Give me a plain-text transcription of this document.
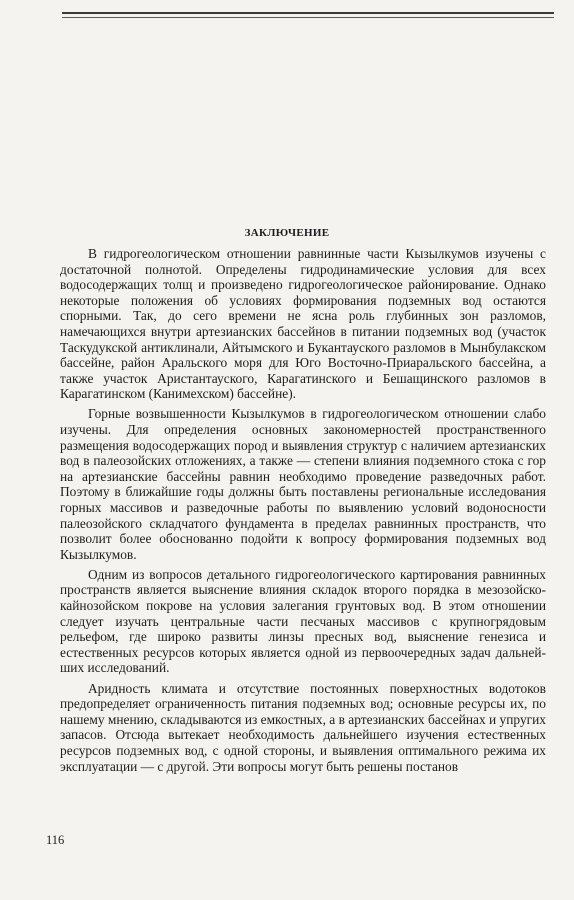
ЗАКЛЮЧЕНИЕ

В гидрогеологическом отношении равнинные части Кызылкумов изучены с достаточной полнотой. Определены гидродинамические условия для всех водосодержащих толщ и произведено гидрогеологическое районирование. Однако некоторые положения об условиях формирования подземных вод остаются спорными. Так, до сего времени не ясна роль глубинных зон разломов, намечающихся внутри артезианских бассейнов в питании подземных вод (участок Таскудукской антиклинали, Айтымского и Букантауского разломов в Мынбулакском бассейне, район Аральского моря для Юго Восточно-Приаральского бассейна, а также участок Аристантауского, Карагатинского и Бешащинского разломов в Карагатинском (Канимехском) бассейне).

Горные возвышенности Кызылкумов в гидрогеологическом отношении слабо изучены. Для определения основных закономерностей пространственного размещения водосодержащих пород и выявления структур с наличием артезианских вод в палеозойских отложениях, а также — степени влияния подземного стока с гор на артезианские бассейны равнин необходимо проведение разведочных работ. Поэтому в ближайшие годы должны быть поставлены региональные исследования горных массивов и разведочные работы по выявлению условий водоносности палеозойского складчатого фундамента в пределах равнинных пространств, что позволит более обоснованно подойти к вопросу формирования подземных вод Кызылкумов.

Одним из вопросов детального гидрогеологического картирования равнинных пространств является выяснение влияния складок второго порядка в мезозойско-кайнозойском покрове на условия залегания грунтовых вод. В этом отношении следует изучать центральные части песчаных массивов с крупногрядовым рельефом, где широко развиты линзы пресных вод, выяснение генезиса и естественных ресурсов которых является одной из первоочередных задач дальнейших исследований.

Аридность климата и отсутствие постоянных поверхностных водотоков предопределяет ограниченность питания подземных вод; основные ресурсы их, по нашему мнению, складываются из емкостных, а в артезианских бассейнах и упругих запасов. Отсюда вытекает необходимость дальнейшего изучения естественных ресурсов подземных вод, с одной стороны, и выявления оптимального режима их эксплуатации — с другой. Эти вопросы могут быть решены постанов

116
